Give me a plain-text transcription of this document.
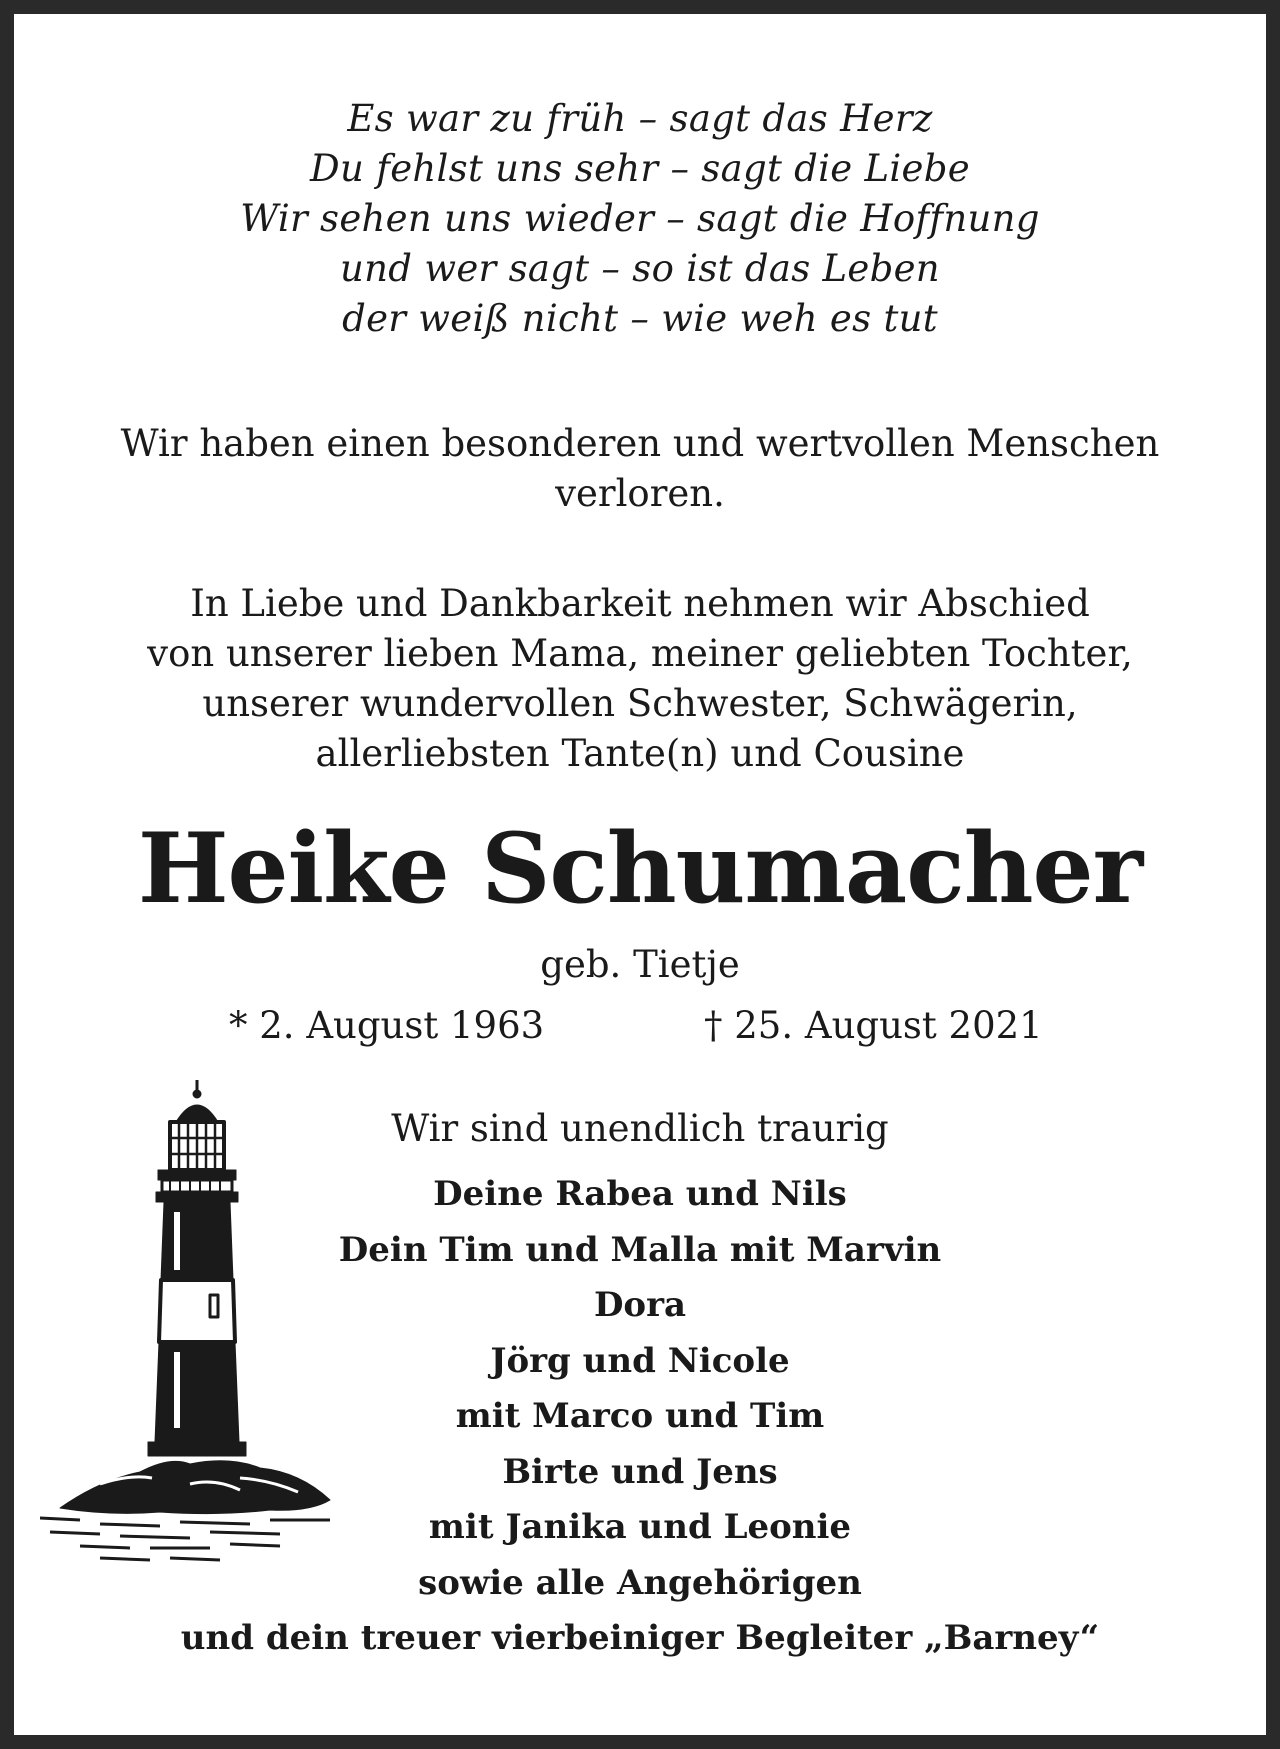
Es war zu früh – sagt das Herz
Du fehlst uns sehr – sagt die Liebe
Wir sehen uns wieder – sagt die Hoffnung
und wer sagt – so ist das Leben
der weiß nicht – wie weh es tut
Wir haben einen besonderen und wertvollen Menschen
verloren.
In Liebe und Dankbarkeit nehmen wir Abschied
von unserer lieben Mama, meiner geliebten Tochter,
unserer wundervollen Schwester, Schwägerin,
allerliebsten Tante(n) und Cousine
Heike Schumacher
geb. Tietje
* 2. August 1963	† 25. August 2021
Wir sind unendlich traurig
Deine Rabea und Nils
Dein Tim und Malla mit Marvin
Dora
Jörg und Nicole
mit Marco und Tim
Birte und Jens
mit Janika und Leonie
sowie alle Angehörigen
und dein treuer vierbeiniger Begleiter „Barney“
